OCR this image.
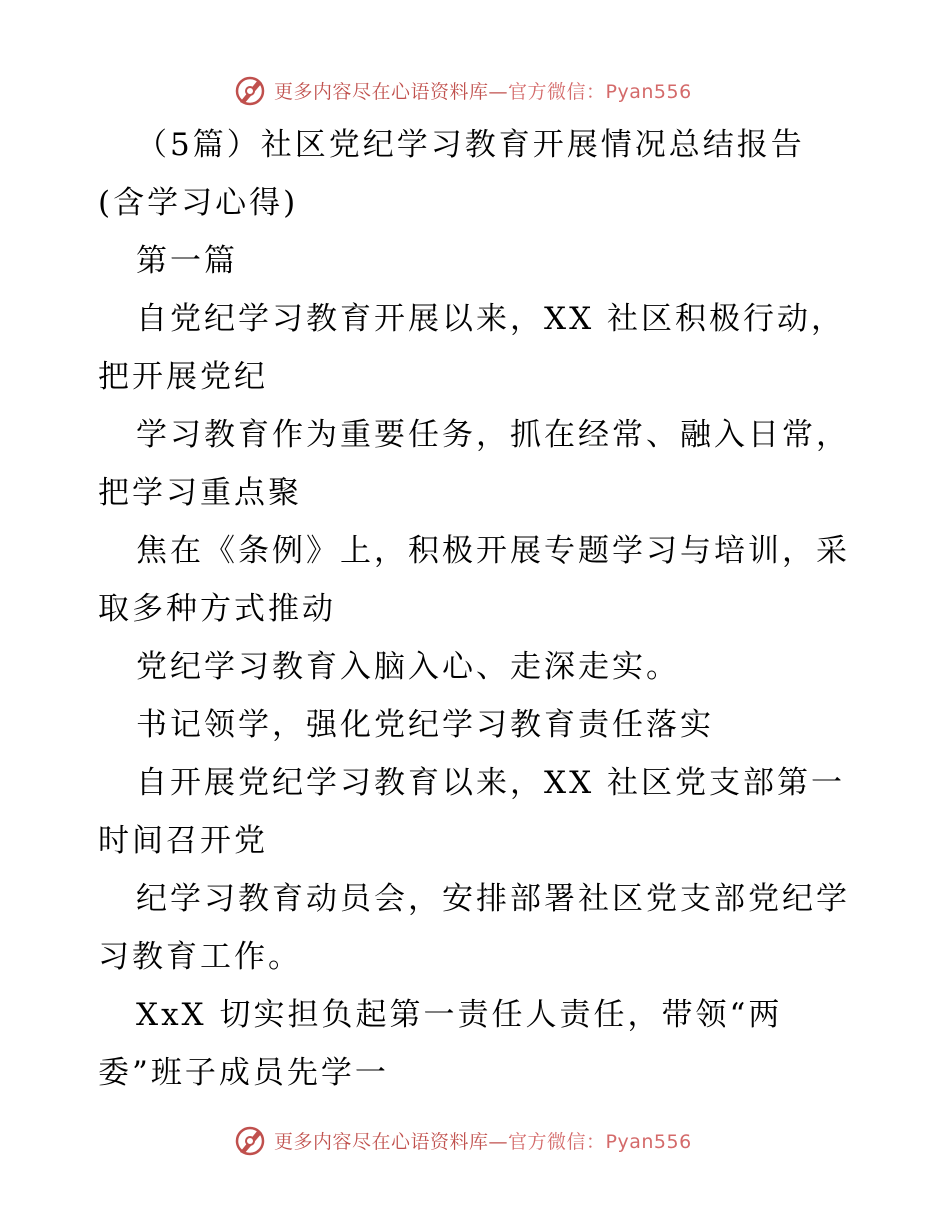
更多内容尽在心语资料库—官方微信：Pyan556
（5篇）社区党纪学习教育开展情况总结报告
(含学习心得)
第一篇
自党纪学习教育开展以来，XX 社区积极行动，
把开展党纪
学习教育作为重要任务，抓在经常、融入日常，
把学习重点聚
焦在《条例》上，积极开展专题学习与培训，采
取多种方式推动
党纪学习教育入脑入心、走深走实。
书记领学，强化党纪学习教育责任落实
自开展党纪学习教育以来，XX 社区党支部第一
时间召开党
纪学习教育动员会，安排部署社区党支部党纪学
习教育工作。
XxX 切实担负起第一责任人责任，带领“两
委”班子成员先学一
更多内容尽在心语资料库—官方微信：Pyan556
